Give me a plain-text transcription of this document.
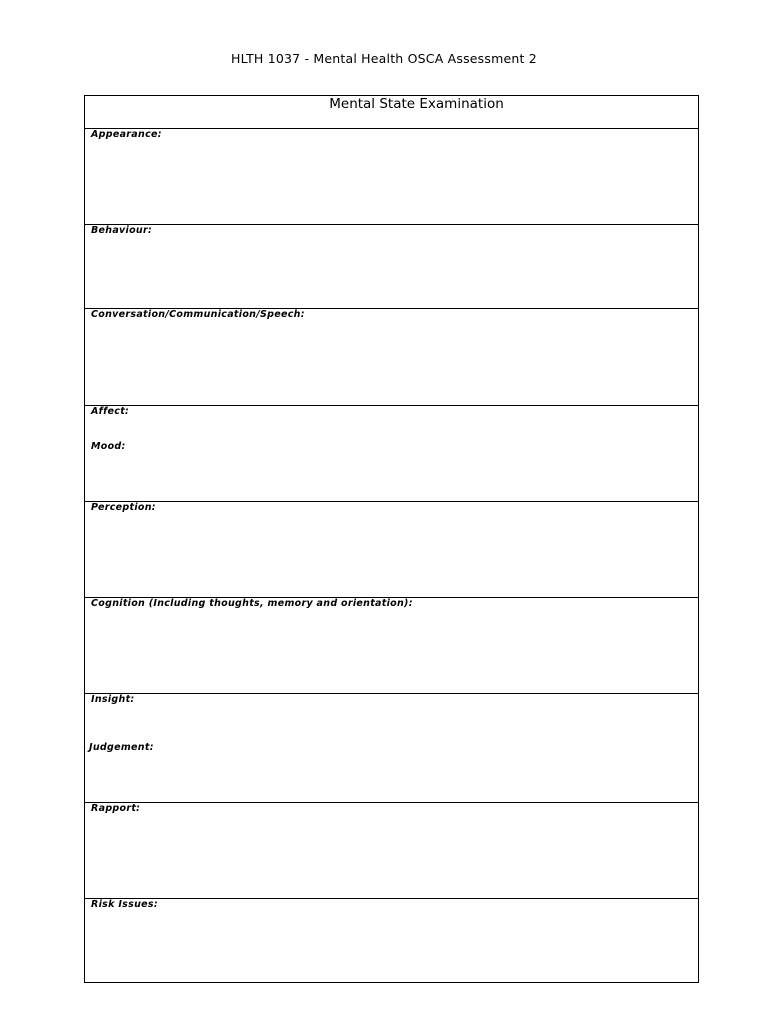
HLTH 1037 - Mental Health OSCA Assessment 2
Mental State Examination
Appearance:
Behaviour:
Conversation/Communication/Speech:
Affect:
Mood:
Perception:
Cognition (Including thoughts, memory and orientation):
Insight:
Judgement:
Rapport:
Risk Issues:
